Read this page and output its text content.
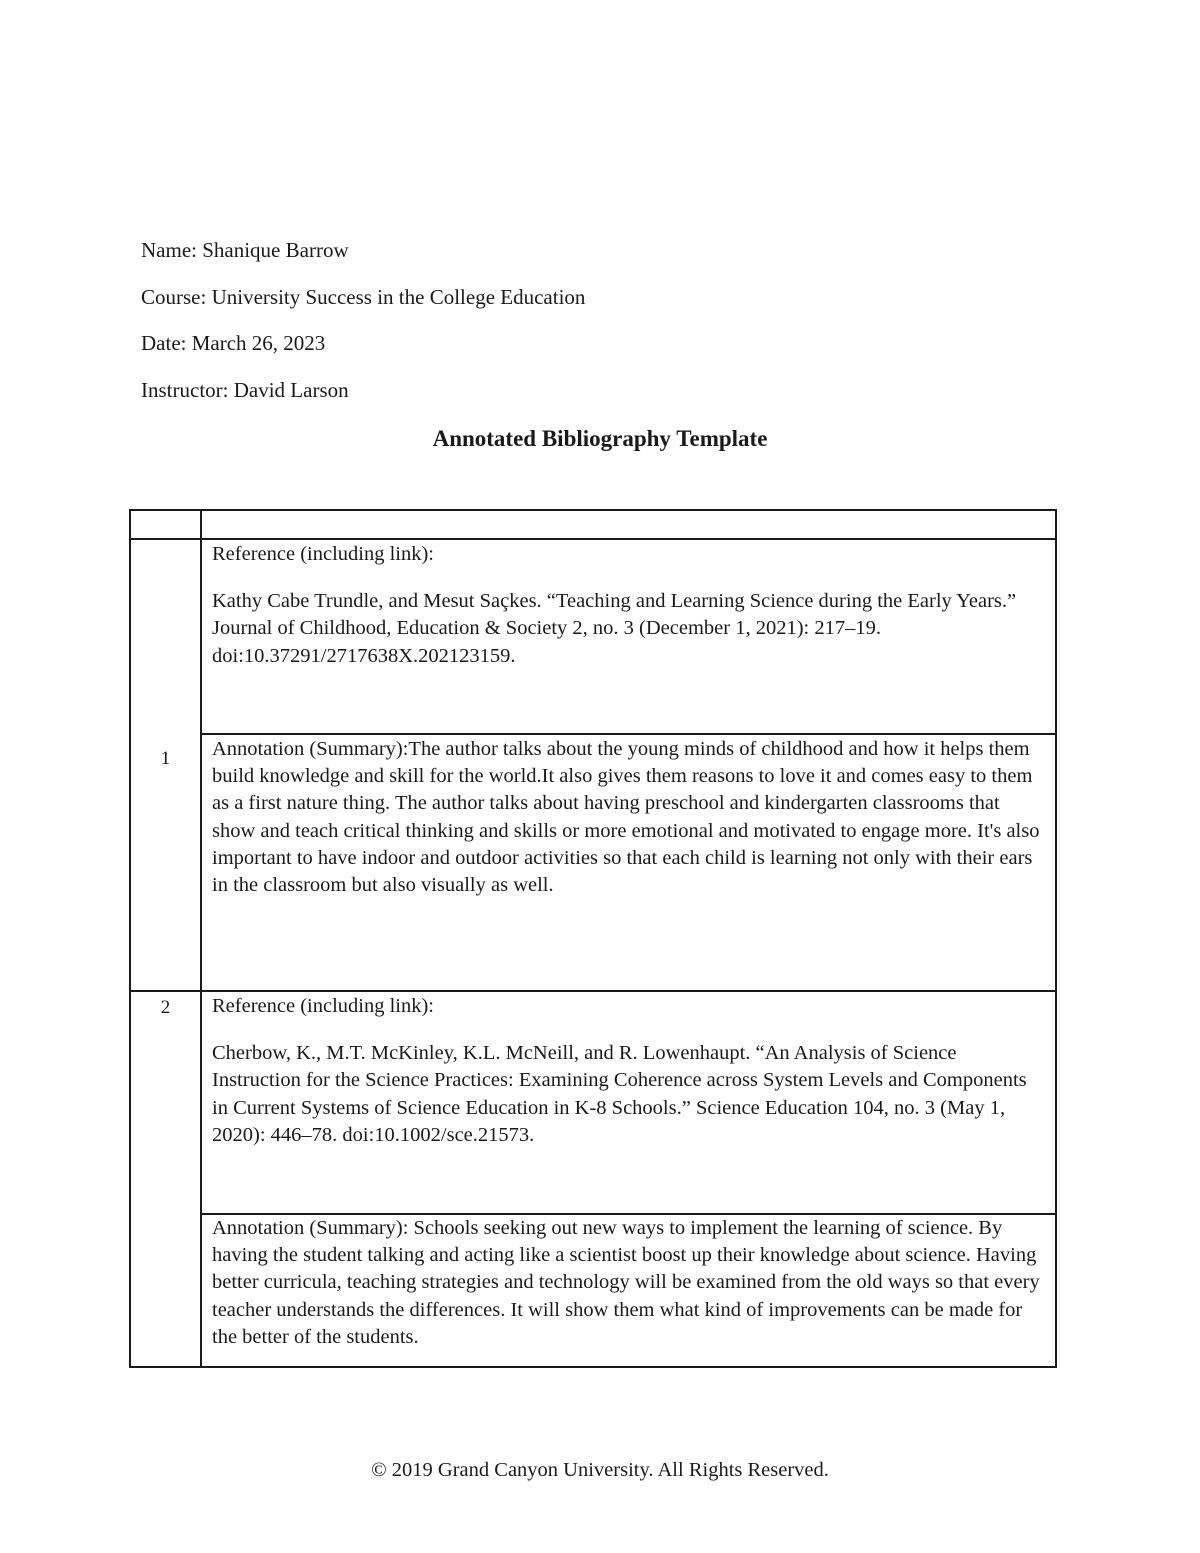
Name: Shanique Barrow
Course: University Success in the College Education
Date: March 26, 2023
Instructor: David Larson
Annotated Bibliography Template
1

Reference (including link):

Kathy Cabe Trundle, and Mesut Saçkes. “Teaching and Learning Science during the Early Years.” Journal of Childhood, Education & Society 2, no. 3 (December 1, 2021): 217–19. doi:10.37291/2717638X.202123159.

Annotation (Summary):The author talks about the young minds of childhood and how it helps them build knowledge and skill for the world.It also gives them reasons to love it and comes easy to them as a first nature thing. The author talks about having preschool and kindergarten classrooms that show and teach critical thinking and skills or more emotional and motivated to engage more. It's also important to have indoor and outdoor activities so that each child is learning not only with their ears in the classroom but also visually as well.

2	Reference (including link):

Cherbow, K., M.T. McKinley, K.L. McNeill, and R. Lowenhaupt. “An Analysis of Science Instruction for the Science Practices: Examining Coherence across System Levels and Components in Current Systems of Science Education in K-8 Schools.” Science Education 104, no. 3 (May 1, 2020): 446–78. doi:10.1002/sce.21573.

Annotation (Summary): Schools seeking out new ways to implement the learning of science. By having the student talking and acting like a scientist boost up their knowledge about science. Having better curricula, teaching strategies and technology will be examined from the old ways so that every teacher understands the differences. It will show them what kind of improvements can be made for the better of the students.

© 2019 Grand Canyon University. All Rights Reserved.
